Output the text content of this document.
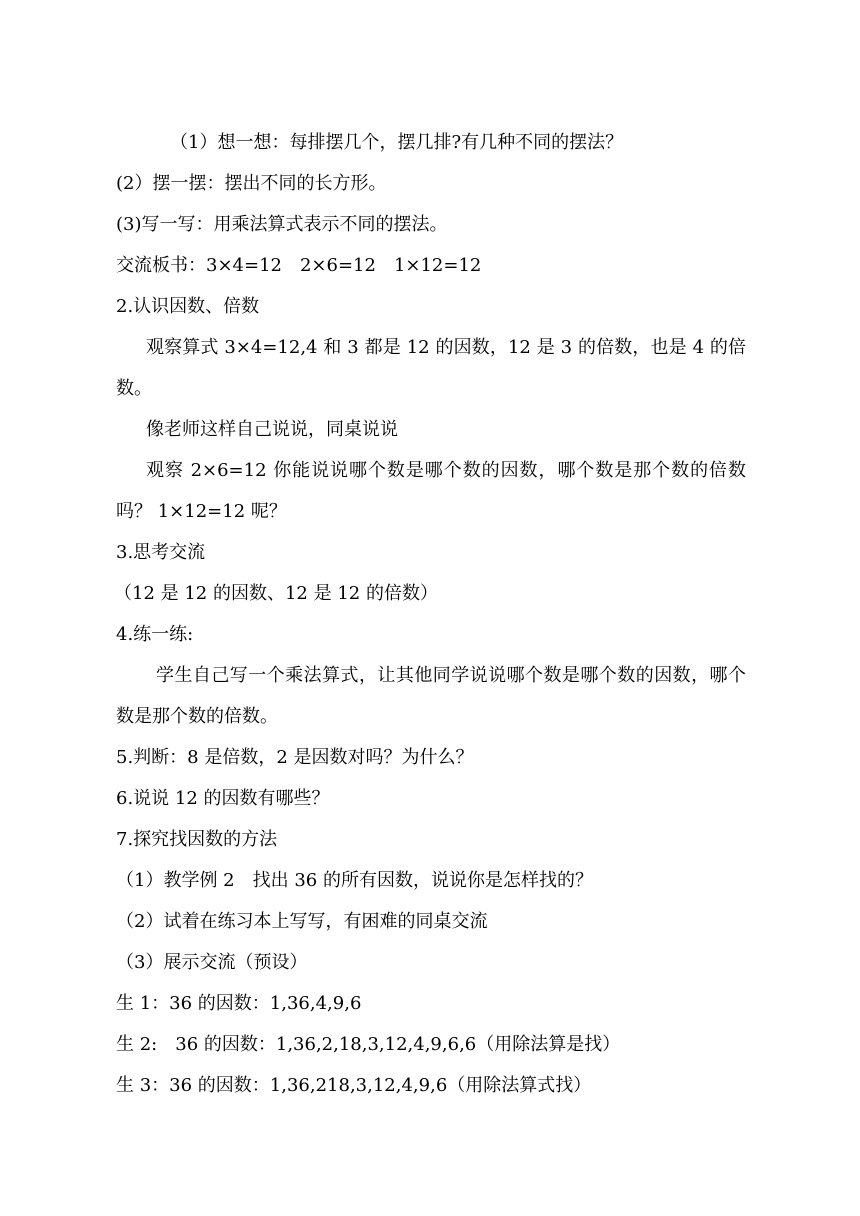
（1）想一想：每排摆几个，摆几排?有几种不同的摆法？
(2）摆一摆：摆出不同的长方形。
(3)写一写：用乘法算式表示不同的摆法。
交流板书：3×4=12　2×6=12　1×12=12
2.认识因数、倍数
观察算式 3×4=12,4 和 3 都是 12 的因数，12 是 3 的倍数，也是 4 的倍数。
像老师这样自己说说，同桌说说
观察 2×6=12 你能说说哪个数是哪个数的因数，哪个数是那个数的倍数吗？ 1×12=12 呢？
3.思考交流
（12 是 12 的因数、12 是 12 的倍数）
4.练一练:
学生自己写一个乘法算式，让其他同学说说哪个数是哪个数的因数，哪个数是那个数的倍数。
5.判断：8 是倍数，2 是因数对吗？为什么？
6.说说 12 的因数有哪些？
7.探究找因数的方法
（1）教学例 2　找出 36 的所有因数，说说你是怎样找的？
（2）试着在练习本上写写，有困难的同桌交流
（3）展示交流（预设）
生 1：36 的因数：1,36,4,9,6
生 2:　36 的因数：1,36,2,18,3,12,4,9,6,6（用除法算是找）
生 3：36 的因数：1,36,218,3,12,4,9,6（用除法算式找）
